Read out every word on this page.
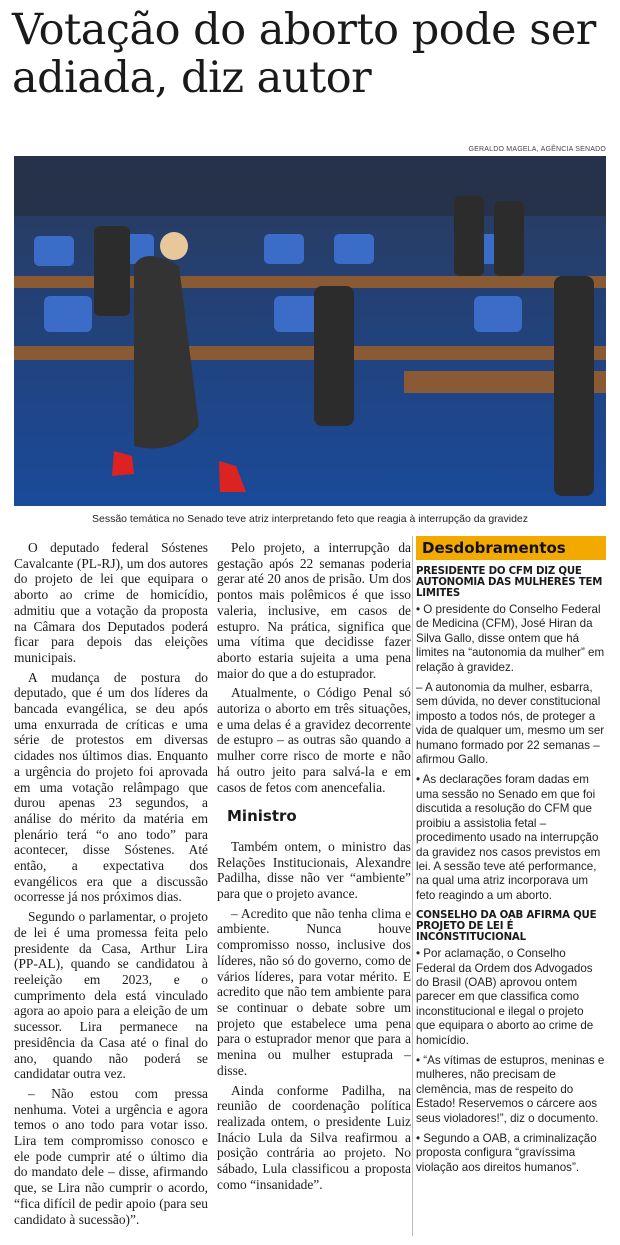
Votação do aborto pode ser adiada, diz autor
GERALDO MAGELA, AGÊNCIA SENADO
Sessão temática no Senado teve atriz interpretando feto que reagia à interrupção da gravidez

O deputado federal Sóstenes Cavalcante (PL-RJ), um dos autores do projeto de lei que equipara o aborto ao crime de homicídio, admitiu que a votação da proposta na Câmara dos Deputados poderá ficar para depois das eleições municipais.

A mudança de postura do deputado, que é um dos líderes da bancada evangélica, se deu após uma enxurrada de críticas e uma série de protestos em diversas cidades nos últimos dias. Enquanto a urgência do projeto foi aprovada em uma votação relâmpago que durou apenas 23 segundos, a análise do mérito da matéria em plenário terá “o ano todo” para acontecer, disse Sóstenes. Até então, a expectativa dos evangélicos era que a discussão ocorresse já nos próximos dias.

Segundo o parlamentar, o projeto de lei é uma promessa feita pelo presidente da Casa, Arthur Lira (PP-AL), quando se candidatou à reeleição em 2023, e o cumprimento dela está vinculado agora ao apoio para a eleição de um sucessor. Lira permanece na presidência da Casa até o final do ano, quando não poderá se candidatar outra vez.

– Não estou com pressa nenhuma. Votei a urgência e agora temos o ano todo para votar isso. Lira tem compromisso conosco e ele pode cumprir até o último dia do mandato dele – disse, afirmando que, se Lira não cumprir o acordo, “fica difícil de pedir apoio (para seu candidato à sucessão)”.

Pelo projeto, a interrupção da gestação após 22 semanas poderia gerar até 20 anos de prisão. Um dos pontos mais polêmicos é que isso valeria, inclusive, em casos de estupro. Na prática, significa que uma vítima que decidisse fazer aborto estaria sujeita a uma pena maior do que a do estuprador.

Atualmente, o Código Penal só autoriza o aborto em três situações, e uma delas é a gravidez decorrente de estupro – as outras são quando a mulher corre risco de morte e não há outro jeito para salvá-la e em casos de fetos com anencefalia.

Ministro

Também ontem, o ministro das Relações Institucionais, Alexandre Padilha, disse não ver “ambiente” para que o projeto avance.

– Acredito que não tenha clima e ambiente. Nunca houve compromisso nosso, inclusive dos líderes, não só do governo, como de vários líderes, para votar mérito. E acredito que não tem ambiente para se continuar o debate sobre um projeto que estabelece uma pena para o estuprador menor que para a menina ou mulher estuprada – disse.

Ainda conforme Padilha, na reunião de coordenação política realizada ontem, o presidente Luiz Inácio Lula da Silva reafirmou a posição contrária ao projeto. No sábado, Lula classificou a proposta como “insanidade”.

Desdobramentos
PRESIDENTE DO CFM DIZ QUE AUTONOMIA DAS MULHERES TEM LIMITES
• O presidente do Conselho Federal de Medicina (CFM), José Hiran da Silva Gallo, disse ontem que há limites na “autonomia da mulher” em relação à gravidez.
– A autonomia da mulher, esbarra, sem dúvida, no dever constitucional imposto a todos nós, de proteger a vida de qualquer um, mesmo um ser humano formado por 22 semanas – afirmou Gallo.
• As declarações foram dadas em uma sessão no Senado em que foi discutida a resolução do CFM que proibiu a assistolia fetal – procedimento usado na interrupção da gravidez nos casos previstos em lei. A sessão teve até performance, na qual uma atriz incorporava um feto reagindo a um aborto.
CONSELHO DA OAB AFIRMA QUE PROJETO DE LEI É INCONSTITUCIONAL
• Por aclamação, o Conselho Federal da Ordem dos Advogados do Brasil (OAB) aprovou ontem parecer em que classifica como inconstitucional e ilegal o projeto que equipara o aborto ao crime de homicídio.
• “As vítimas de estupros, meninas e mulheres, não precisam de clemência, mas de respeito do Estado! Reservemos o cárcere aos seus violadores!”, diz o documento.
• Segundo a OAB, a criminalização proposta configura “gravíssima violação aos direitos humanos”.
